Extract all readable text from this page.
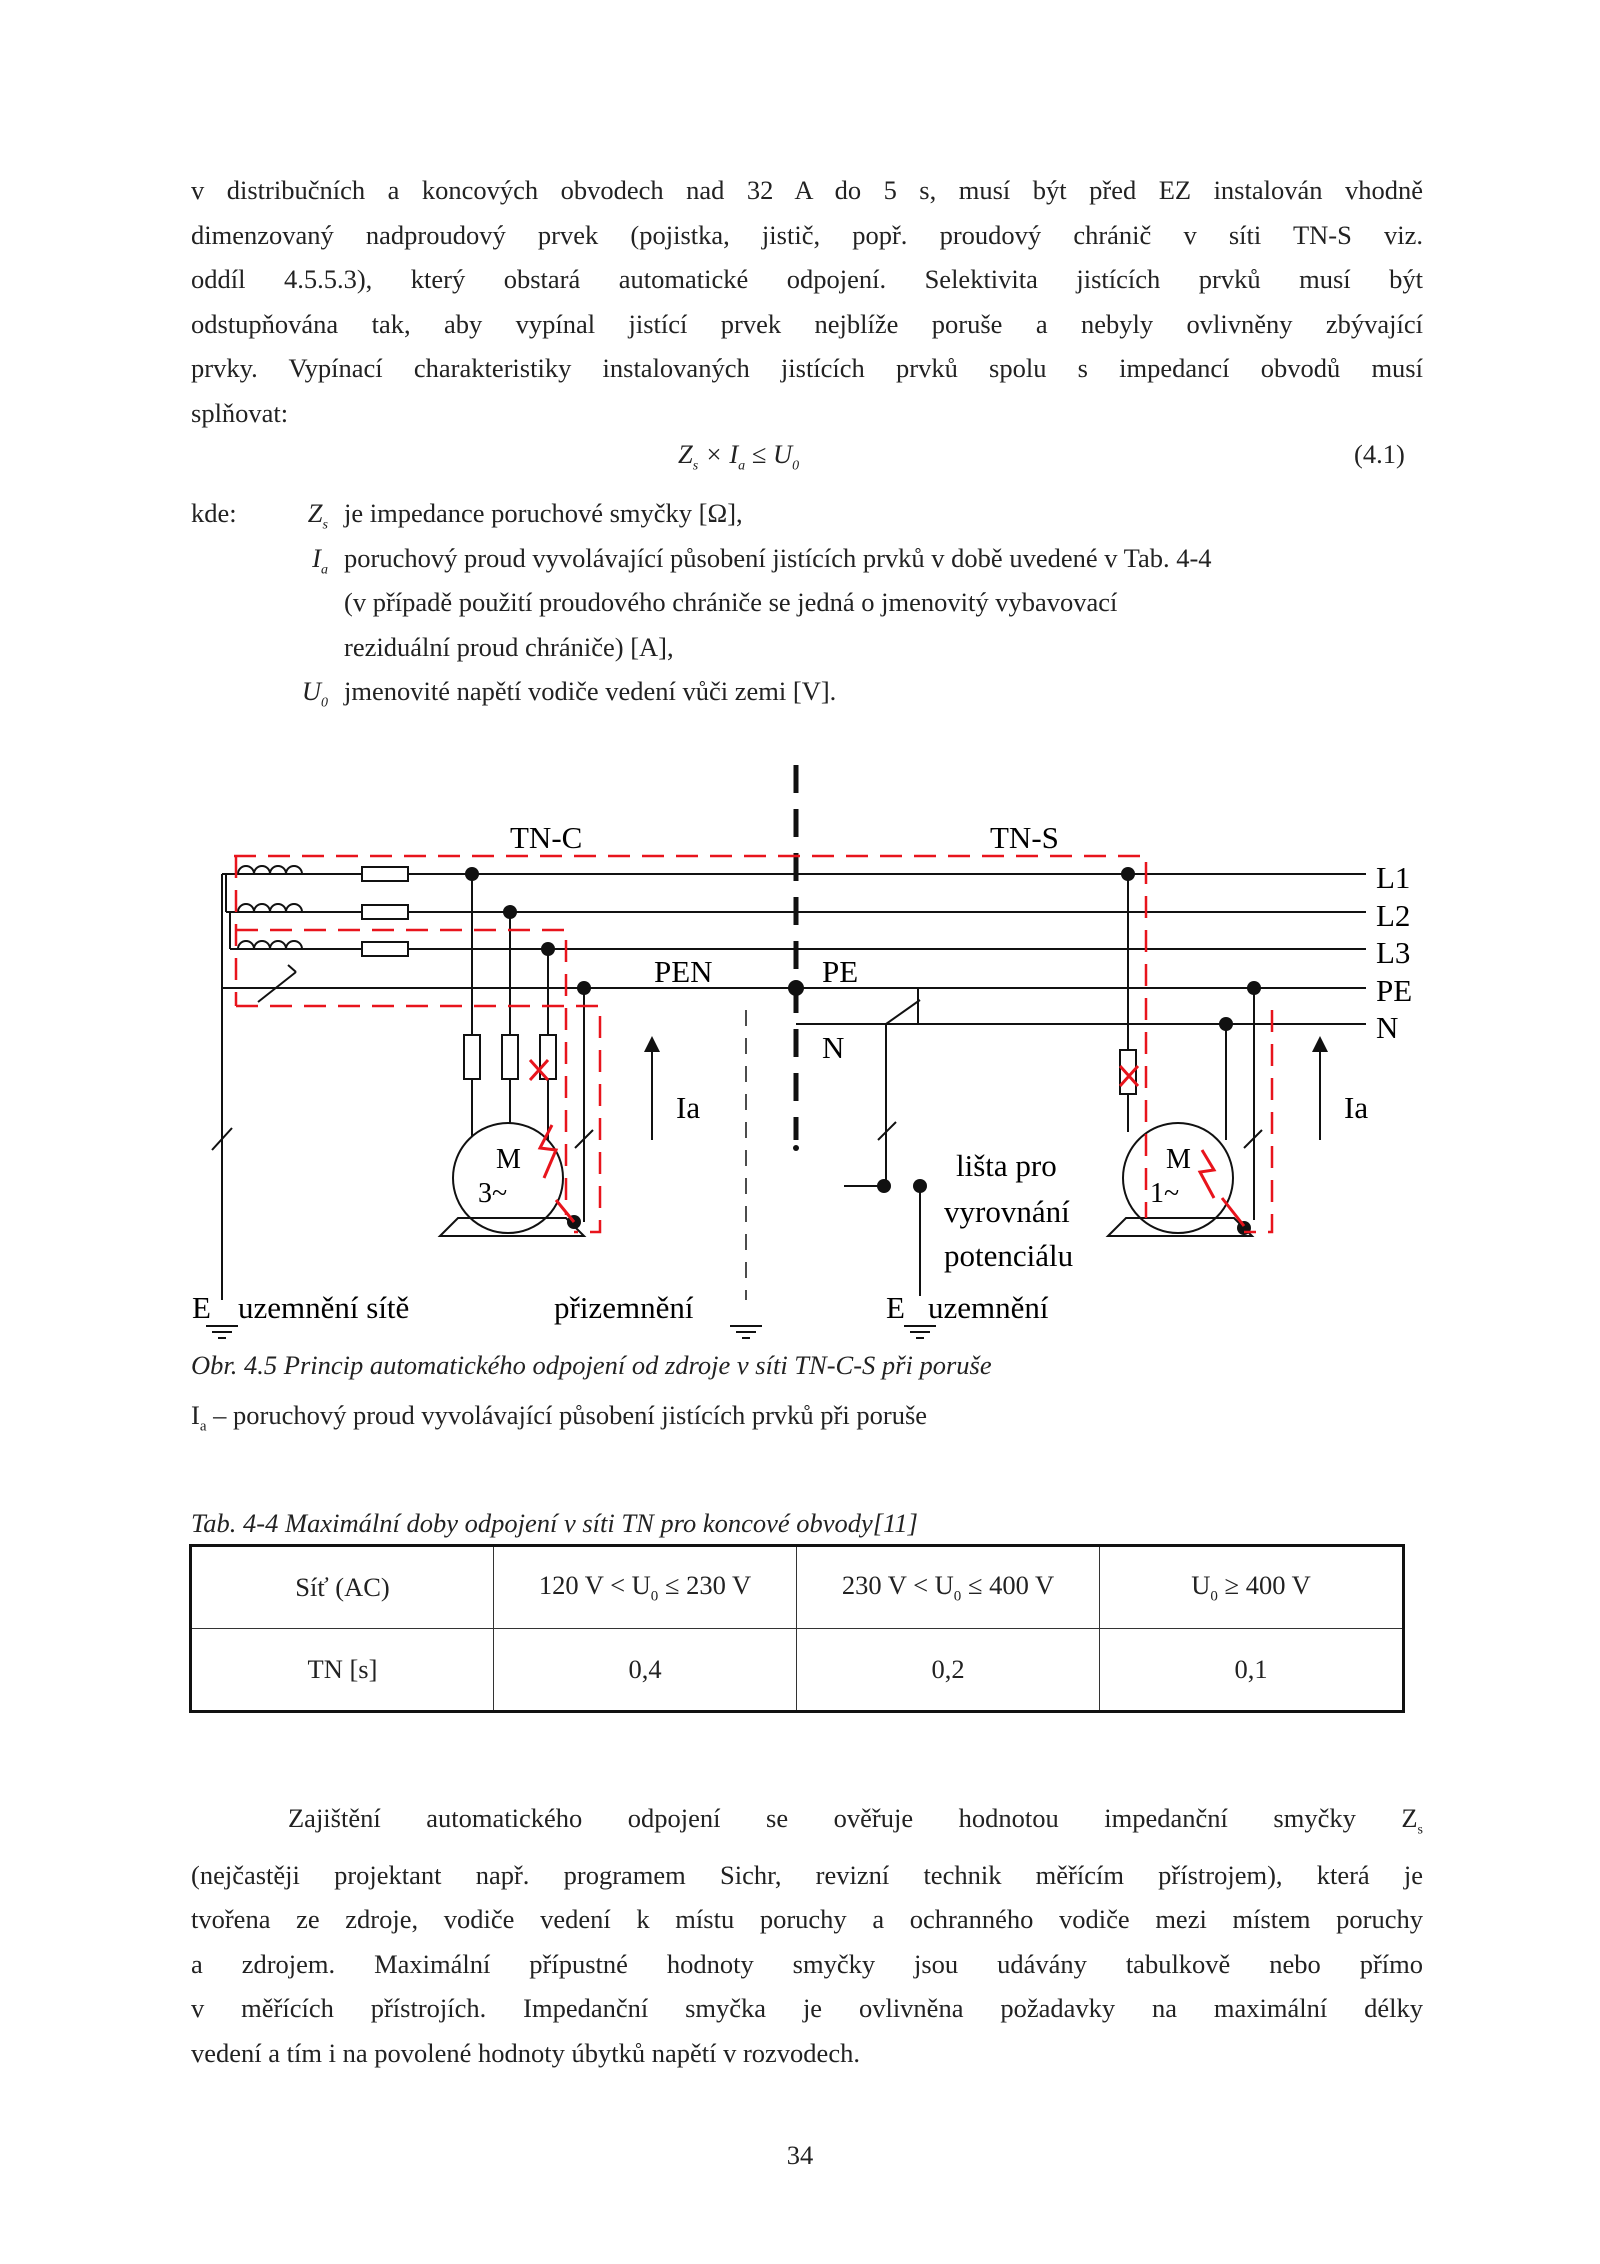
v distribučních a koncových obvodech nad 32 A do 5 s, musí být před EZ instalován vhodně
dimenzovaný nadproudový prvek (pojistka, jistič, popř. proudový chránič v síti TN-S viz.
oddíl 4.5.5.3), který obstará automatické odpojení. Selektivita jistících prvků musí být
odstupňována tak, aby vypínal jistící prvek nejblíže poruše a nebyly ovlivněny zbývající
prvky. Vypínací charakteristiky instalovaných jistících prvků spolu s impedancí obvodů musí
splňovat:
$Z_s \times I_a \le U_0$	(4.1)
kde:	$Z_s$ je impedance poruchové smyčky [Ω],
$I_a$ poruchový proud vyvolávající působení jistících prvků v době uvedené v Tab. 4-4
(v případě použití proudového chrániče se jedná o jmenovitý vybavovací
reziduální proud chrániče) [A],
$U_0$ jmenovité napětí vodiče vedení vůči zemi [V].
TN-C	TN-S
M
3~
M
1~
Ia	Ia
PEN	PE
N
L1
L2
L3
PE
N
lišta pro
vyrovnání
potenciálu
E uzemnění sítě	přizemnění	E uzemnění
Obr. 4.5 Princip automatického odpojení od zdroje v síti TN-C-S při poruše
$I_a$ – poruchový proud vyvolávající působení jistících prvků při poruše
Tab. 4-4 Maximální doby odpojení v síti TN pro koncové obvody[11]
Síť (AC)	120 $V < U_0 \le 230$ V	230 $V < U_0 \le 400$ V	$U_0 \ge 400$ V
TN [s]	0,4	0,2	0,1
Zajištění automatického odpojení se ověřuje hodnotou impedanční smyčky $Z_s$
(nejčastěji projektant např. programem Sichr, revizní technik měřícím přístrojem), která je
tvořena ze zdroje, vodiče vedení k místu poruchy a ochranného vodiče mezi místem poruchy
a zdrojem. Maximální přípustné hodnoty smyčky jsou udávány tabulkově nebo přímo
v měřících přístrojích. Impedanční smyčka je ovlivněna požadavky na maximální délky
vedení a tím i na povolené hodnoty úbytků napětí v rozvodech.
34
